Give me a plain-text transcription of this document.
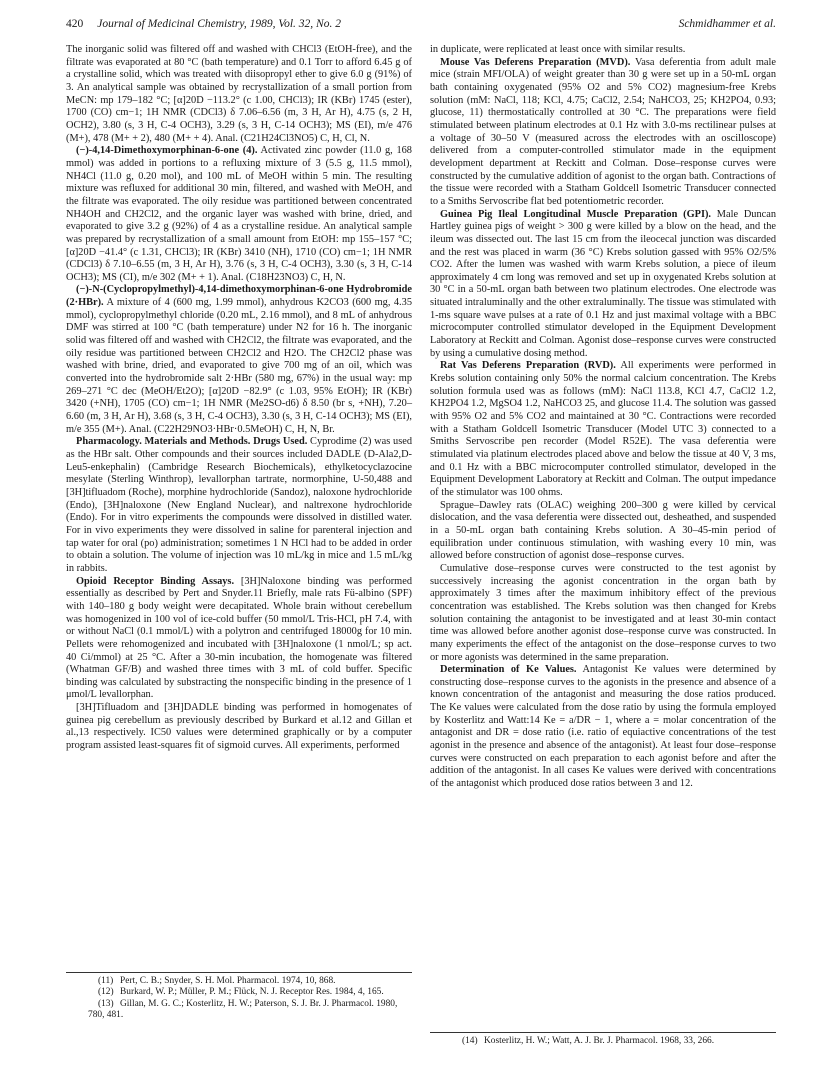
420 Journal of Medicinal Chemistry, 1989, Vol. 32, No. 2	Schmidhammer et al.

The inorganic solid was filtered off and washed with CHCl3 (EtOH-free), and the filtrate was evaporated at 80 °C (bath temperature) and 0.1 Torr to afford 6.45 g of a crystalline solid, which was treated with diisopropyl ether to give 6.0 g (91%) of 3. An analytical sample was obtained by recrystallization of a small portion from MeCN: mp 179–182 °C; [α]20D −113.2° (c 1.00, CHCl3); IR (KBr) 1745 (ester), 1700 (CO) cm−1; 1H NMR (CDCl3) δ 7.06–6.56 (m, 3 H, Ar H), 4.75 (s, 2 H, OCH2), 3.80 (s, 3 H, C-4 OCH3), 3.29 (s, 3 H, C-14 OCH3); MS (EI), m/e 476 (M+), 478 (M+ + 2), 480 (M+ + 4). Anal. (C21H24Cl3NO5) C, H, Cl, N.

(−)-4,14-Dimethoxymorphinan-6-one (4). Activated zinc powder (11.0 g, 168 mmol) was added in portions to a refluxing mixture of 3 (5.5 g, 11.5 mmol), NH4Cl (11.0 g, 0.20 mol), and 100 mL of MeOH within 5 min. The resulting mixture was refluxed for additional 30 min, filtered, and washed with MeOH, and the filtrate was evaporated. The oily residue was partitioned between concentrated NH4OH and CH2Cl2, and the organic layer was washed with brine, dried, and evaporated to give 3.2 g (92%) of 4 as a crystalline residue. An analytical sample was prepared by recrystallization of a small amount from EtOH: mp 155–157 °C; [α]20D −41.4° (c 1.31, CHCl3); IR (KBr) 3410 (NH), 1710 (CO) cm−1; 1H NMR (CDCl3) δ 7.10–6.55 (m, 3 H, Ar H), 3.76 (s, 3 H, C-4 OCH3), 3.30 (s, 3 H, C-14 OCH3); MS (CI), m/e 302 (M+ + 1). Anal. (C18H23NO3) C, H, N.

(−)-N-(Cyclopropylmethyl)-4,14-dimethoxymorphinan-6-one Hydrobromide (2·HBr). A mixture of 4 (600 mg, 1.99 mmol), anhydrous K2CO3 (600 mg, 4.35 mmol), cyclopropylmethyl chloride (0.20 mL, 2.16 mmol), and 8 mL of anhydrous DMF was stirred at 100 °C (bath temperature) under N2 for 16 h. The inorganic solid was filtered off and washed with CH2Cl2, the filtrate was evaporated, and the oily residue was partitioned between CH2Cl2 and H2O. The CH2Cl2 phase was washed with brine, dried, and evaporated to give 700 mg of an oil, which was converted into the hydrobromide salt 2·HBr (580 mg, 67%) in the usual way: mp 269–271 °C dec (MeOH/Et2O); [α]20D −82.9° (c 1.03, 95% EtOH); IR (KBr) 3420 (+NH), 1705 (CO) cm−1; 1H NMR (Me2SO-d6) δ 8.50 (br s, +NH), 7.20–6.60 (m, 3 H, Ar H), 3.68 (s, 3 H, C-4 OCH3), 3.30 (s, 3 H, C-14 OCH3); MS (EI), m/e 355 (M+). Anal. (C22H29NO3·HBr·0.5MeOH) C, H, N, Br.

Pharmacology. Materials and Methods. Drugs Used. Cyprodime (2) was used as the HBr salt. Other compounds and their sources included DADLE (D-Ala2,D-Leu5-enkephalin) (Cambridge Research Biochemicals), ethylketocyclazocine mesylate (Sterling Winthrop), levallorphan tartrate, normorphine, U-50,488 and [3H]tifluadom (Roche), morphine hydrochloride (Sandoz), naloxone hydrochloride (Endo), [3H]naloxone (New England Nuclear), and naltrexone hydrochloride (Endo). For in vitro experiments the compounds were dissolved in distilled water. For in vivo experiments they were dissolved in saline for parenteral injection and tap water for oral (po) administration; sometimes 1 N HCl had to be added in order to obtain a solution. The volume of injection was 10 mL/kg in mice and 1.5 mL/kg in rabbits.

Opioid Receptor Binding Assays. [3H]Naloxone binding was performed essentially as described by Pert and Snyder.11 Briefly, male rats Fü-albino (SPF) with 140–180 g body weight were decapitated. Whole brain without cerebellum was homogenized in 100 vol of ice-cold buffer (50 mmol/L Tris-HCl, pH 7.4, with or without NaCl (0.1 mmol/L) with a polytron and centrifuged 18000g for 10 min. Pellets were rehomogenized and incubated with [3H]naloxone (1 nmol/L; sp act. 40 Ci/mmol) at 25 °C. After a 30-min incubation, the homogenate was filtered (Whatman GF/B) and washed three times with 3 mL of cold buffer. Specific binding was calculated by substracting the nonspecific binding in the presence of 1 μmol/L levallorphan.

[3H]Tifluadom and [3H]DADLE binding was performed in homogenates of guinea pig cerebellum as previously described by Burkard et al.12 and Gillan et al.,13 respectively. IC50 values were determined graphically or by a computer program assisted least-squares fit of sigmoid curves. All experiments, performed

(11) Pert, C. B.; Snyder, S. H. Mol. Pharmacol. 1974, 10, 868.

(12) Burkard, W. P.; Müller, P. M.; Flück, N. J. Receptor Res. 1984, 4, 165.

(13) Gillan, M. G. C.; Kosterlitz, H. W.; Paterson, S. J. Br. J. Pharmacol. 1980, 780, 481.

in duplicate, were replicated at least once with similar results.

Mouse Vas Deferens Preparation (MVD). Vasa deferentia from adult male mice (strain MFI/OLA) of weight greater than 30 g were set up in a 50-mL organ bath containing oxygenated (95% O2 and 5% CO2) magnesium-free Krebs solution (mM: NaCl, 118; KCl, 4.75; CaCl2, 2.54; NaHCO3, 25; KH2PO4, 0.93; glucose, 11) thermostatically controlled at 30 °C. The preparations were field stimulated between platinum electrodes at 0.1 Hz with 3.0-ms rectilinear pulses at a voltage of 30–50 V (measured across the electrodes with an oscilloscope) delivered from a computer-controlled stimulator made in the equipment development department at Reckitt and Colman. Dose–response curves were constructed by the cumulative addition of agonist to the organ bath. Contractions of the tissue were recorded with a Statham Goldcell Isometric Transducer connected to a Smiths Servoscribe flat bed potentiometric recorder.

Guinea Pig Ileal Longitudinal Muscle Preparation (GPI). Male Duncan Hartley guinea pigs of weight > 300 g were killed by a blow on the head, and the ileum was dissected out. The last 15 cm from the ileocecal junction was discarded and the rest was placed in warm (36 °C) Krebs solution gassed with 95% O2/5% CO2. After the lumen was washed with warm Krebs solution, a piece of ileum approximately 4 cm long was removed and set up in oxygenated Krebs solution at 30 °C in a 50-mL organ bath between two platinum electrodes. One electrode was situated intraluminally and the other extraluminally. The tissue was stimulated with 1-ms square wave pulses at a rate of 0.1 Hz and just maximal voltage with a BBC microcomputer controlled stimulator developed in the Equipment Development Laboratory at Reckitt and Colman. Agonist dose–response curves were constructed by using a cumulative dosing method.

Rat Vas Deferens Preparation (RVD). All experiments were performed in Krebs solution containing only 50% the normal calcium concentration. The Krebs solution formula used was as follows (mM): NaCl 113.8, KCl 4.7, CaCl2 1.2, KH2PO4 1.2, MgSO4 1.2, NaHCO3 25, and glucose 11.4. The solution was gassed with 95% O2 and 5% CO2 and maintained at 30 °C. Contractions were recorded with a Statham Goldcell Isometric Transducer (Model UTC 3) connected to a Smiths Servoscribe pen recorder (Model R52E). The vasa deferentia were stimulated via platinum electrodes placed above and below the tissue at 40 V, 3 ms, and 0.1 Hz with a BBC microcomputer controlled stimulator, developed in the Equipment Development Laboratory at Reckitt and Colman. The output impedance of the stimulator was 100 ohms.

Sprague–Dawley rats (OLAC) weighing 200–300 g were killed by cervical dislocation, and the vasa deferentia were dissected out, desheathed, and suspended in a 50-mL organ bath containing Krebs solution. A 30–45-min period of equilibration under continuous stimulation, with washing every 10 min, was allowed before construction of agonist dose–response curves.

Cumulative dose–response curves were constructed to the test agonist by successively increasing the agonist concentration in the organ bath by approximately 3 times after the maximum inhibitory effect of the previous concentration was established. The Krebs solution was then changed for Krebs solution containing the antagonist to be investigated and at least 30-min contact time was allowed before another agonist dose–response curve was constructed. In many experiments the effect of the antagonist on the dose–response curves to two or more agonists was determined in the same preparation.

Determination of Ke Values. Antagonist Ke values were determined by constructing dose–response curves to the agonists in the presence and absence of a known concentration of the antagonist and measuring the dose ratios produced. The Ke values were calculated from the dose ratio by using the formula employed by Kosterlitz and Watt:14 Ke = a/DR − 1, where a = molar concentration of the antagonist and DR = dose ratio (i.e. ratio of equiactive concentrations of the test agonist in the presence and absence of the antagonist). At least four dose–response curves were constructed on each preparation to each agonist before and after the addition of the antagonist. In all cases Ke values were derived with concentrations of the antagonist which produced dose ratios between 3 and 12.

(14) Kosterlitz, H. W.; Watt, A. J. Br. J. Pharmacol. 1968, 33, 266.
